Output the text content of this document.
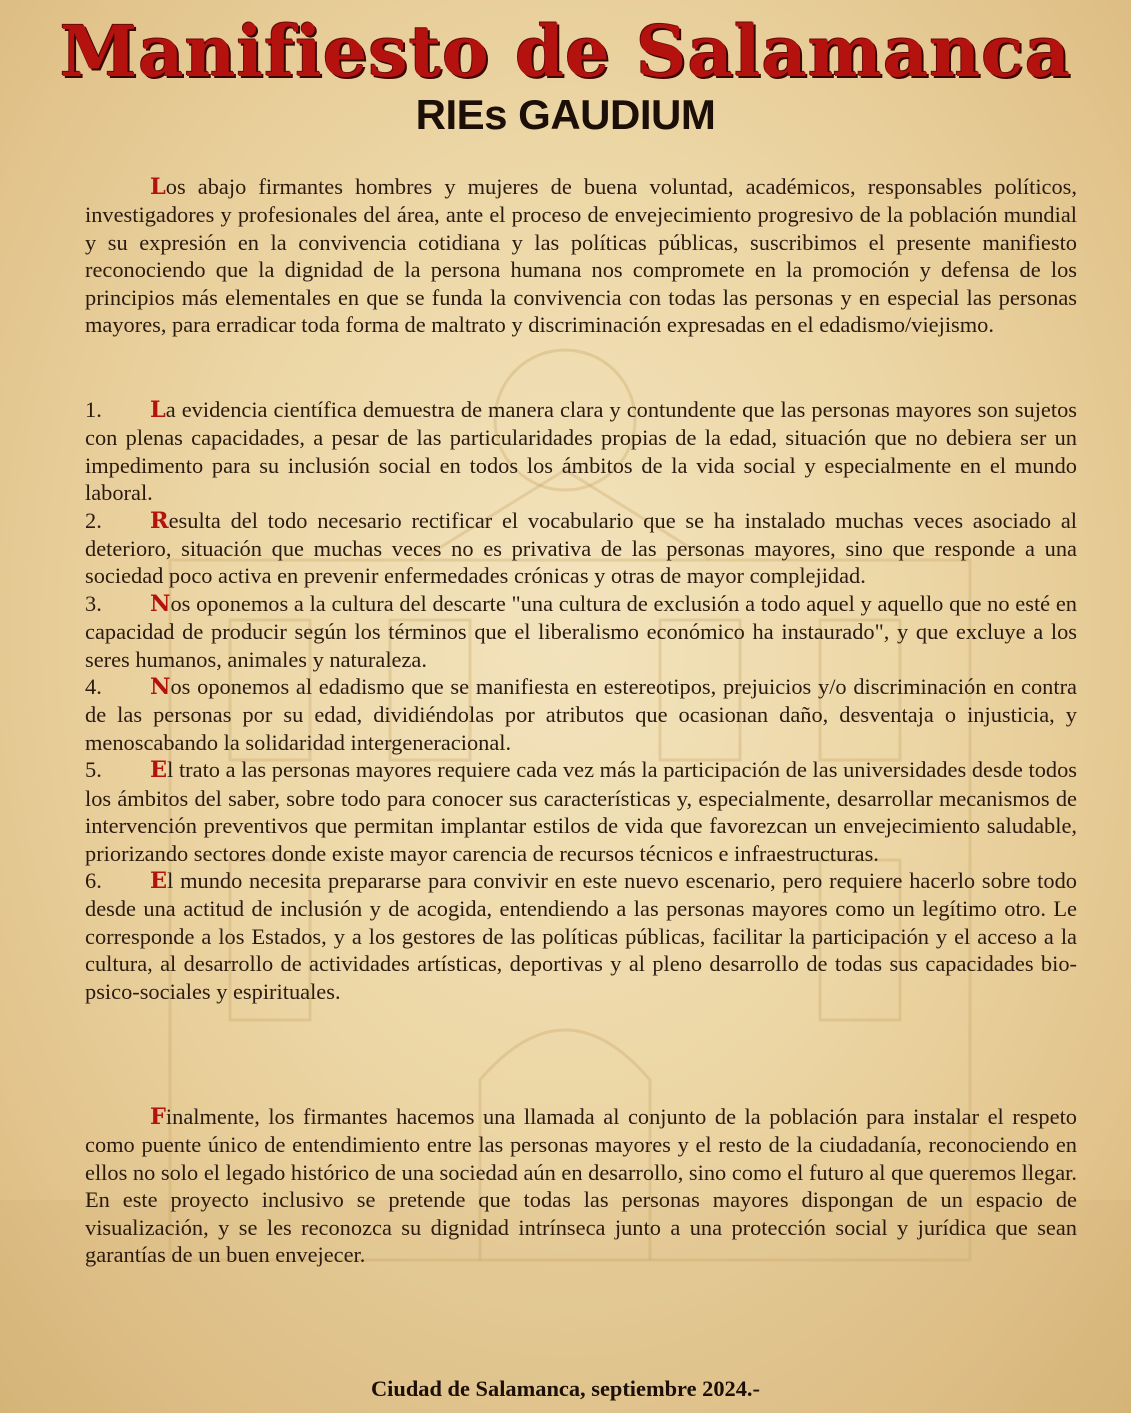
Manifiesto de Salamanca
RIEs GAUDIUM

Los abajo firmantes hombres y mujeres de buena voluntad, académicos, responsables políticos, investigadores y profesionales del área, ante el proceso de envejecimiento progresivo de la población mundial y su expresión en la convivencia cotidiana y las políticas públicas, suscribimos el presente manifiesto reconociendo que la dignidad de la persona humana nos compromete en la promoción y defensa de los principios más elementales en que se funda la convivencia con todas las personas y en especial las personas mayores, para erradicar toda forma de maltrato y discriminación expresadas en el edadismo/viejismo.

1. La evidencia científica demuestra de manera clara y contundente que las personas mayores son sujetos con plenas capacidades, a pesar de las particularidades propias de la edad, situación que no debiera ser un impedimento para su inclusión social en todos los ámbitos de la vida social y especialmente en el mundo laboral.

2. Resulta del todo necesario rectificar el vocabulario que se ha instalado muchas veces asociado al deterioro, situación que muchas veces no es privativa de las personas mayores, sino que responde a una sociedad poco activa en prevenir enfermedades crónicas y otras de mayor complejidad.

3. Nos oponemos a la cultura del descarte "una cultura de exclusión a todo aquel y aquello que no esté en capacidad de producir según los términos que el liberalismo económico ha instaurado", y que excluye a los seres humanos, animales y naturaleza.

4. Nos oponemos al edadismo que se manifiesta en estereotipos, prejuicios y/o discriminación en contra de las personas por su edad, dividiéndolas por atributos que ocasionan daño, desventaja o injusticia, y menoscabando la solidaridad intergeneracional.

5. El trato a las personas mayores requiere cada vez más la participación de las universidades desde todos los ámbitos del saber, sobre todo para conocer sus características y, especialmente, desarrollar mecanismos de intervención preventivos que permitan implantar estilos de vida que favorezcan un envejecimiento saludable, priorizando sectores donde existe mayor carencia de recursos técnicos e infraestructuras.

6. El mundo necesita prepararse para convivir en este nuevo escenario, pero requiere hacerlo sobre todo desde una actitud de inclusión y de acogida, entendiendo a las personas mayores como un legítimo otro. Le corresponde a los Estados, y a los gestores de las políticas públicas, facilitar la participación y el acceso a la cultura, al desarrollo de actividades artísticas, deportivas y al pleno desarrollo de todas sus capacidades bio-psico-sociales y espirituales.

Finalmente, los firmantes hacemos una llamada al conjunto de la población para instalar el respeto como puente único de entendimiento entre las personas mayores y el resto de la ciudadanía, reconociendo en ellos no solo el legado histórico de una sociedad aún en desarrollo, sino como el futuro al que queremos llegar. En este proyecto inclusivo se pretende que todas las personas mayores dispongan de un espacio de visualización, y se les reconozca su dignidad intrínseca junto a una protección social y jurídica que sean garantías de un buen envejecer.

Ciudad de Salamanca, septiembre 2024.-
